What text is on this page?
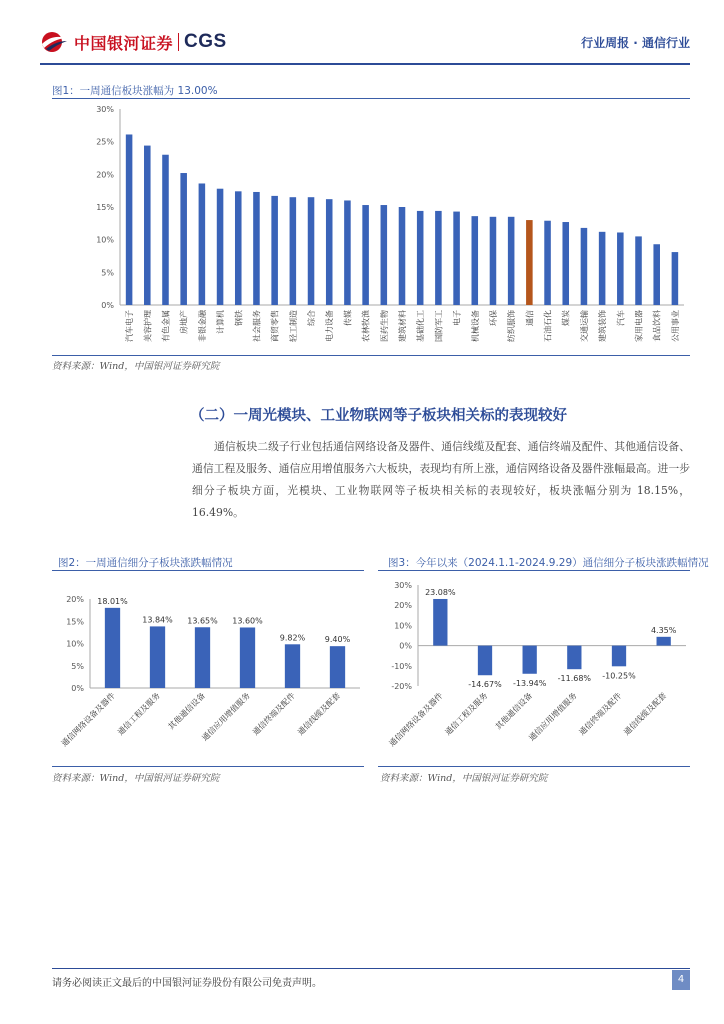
中国银河证券 CGS	行业周报 · 通信行业
图1：一周通信板块涨幅为 13.00%
0%
5%
10%
15%
20%
25%
30%
汽车电子 美容护理 有色金属 房地产 非银金融 计算机 钢铁 社会服务 商贸零售 轻工制造 综合 电力设备 传媒 农林牧渔 医药生物 建筑材料 基础化工 国防军工 电子 机械设备 环保 纺织服饰 通信 石油石化 煤炭 交通运输 建筑装饰 汽车 家用电器 食品饮料 公用事业
资料来源：Wind，中国银河证券研究院
（二）一周光模块、工业物联网等子板块相关标的表现较好
通信板块二级子行业包括通信网络设备及器件、通信线缆及配套、通信终端及配件、其他通信设备、通信工程及服务、通信应用增值服务六大板块，表现均有所上涨，通信网络设备及器件涨幅最高。进一步细分子板块方面，光模块、工业物联网等子板块相关标的表现较好，板块涨幅分别为 18.15%，16.49%。
图2：一周通信细分子板块涨跌幅情况
0%
5%
10%
15%
20% 18.01%
通信网络设备及器件
13.84%
通信工程及服务
13.65%
其他通信设备
13.60%
通信应用增值服务
9.82%
通信终端及配件
9.40%
通信线缆及配套
资料来源：Wind，中国银河证券研究院
图3：今年以来（2024.1.1-2024.9.29）通信细分子板块涨跌幅情况
-20%
-10%
0%
10%
20%
30%
23.08%
通信网络设备及器件
-14.67%
通信工程及服务
-13.94%
其他通信设备
-11.68%
通信应用增值服务
-10.25%
通信终端及配件
4.35%
通信线缆及配套
资料来源：Wind，中国银河证券研究院
请务必阅读正文最后的中国银河证券股份有限公司免责声明。	4
